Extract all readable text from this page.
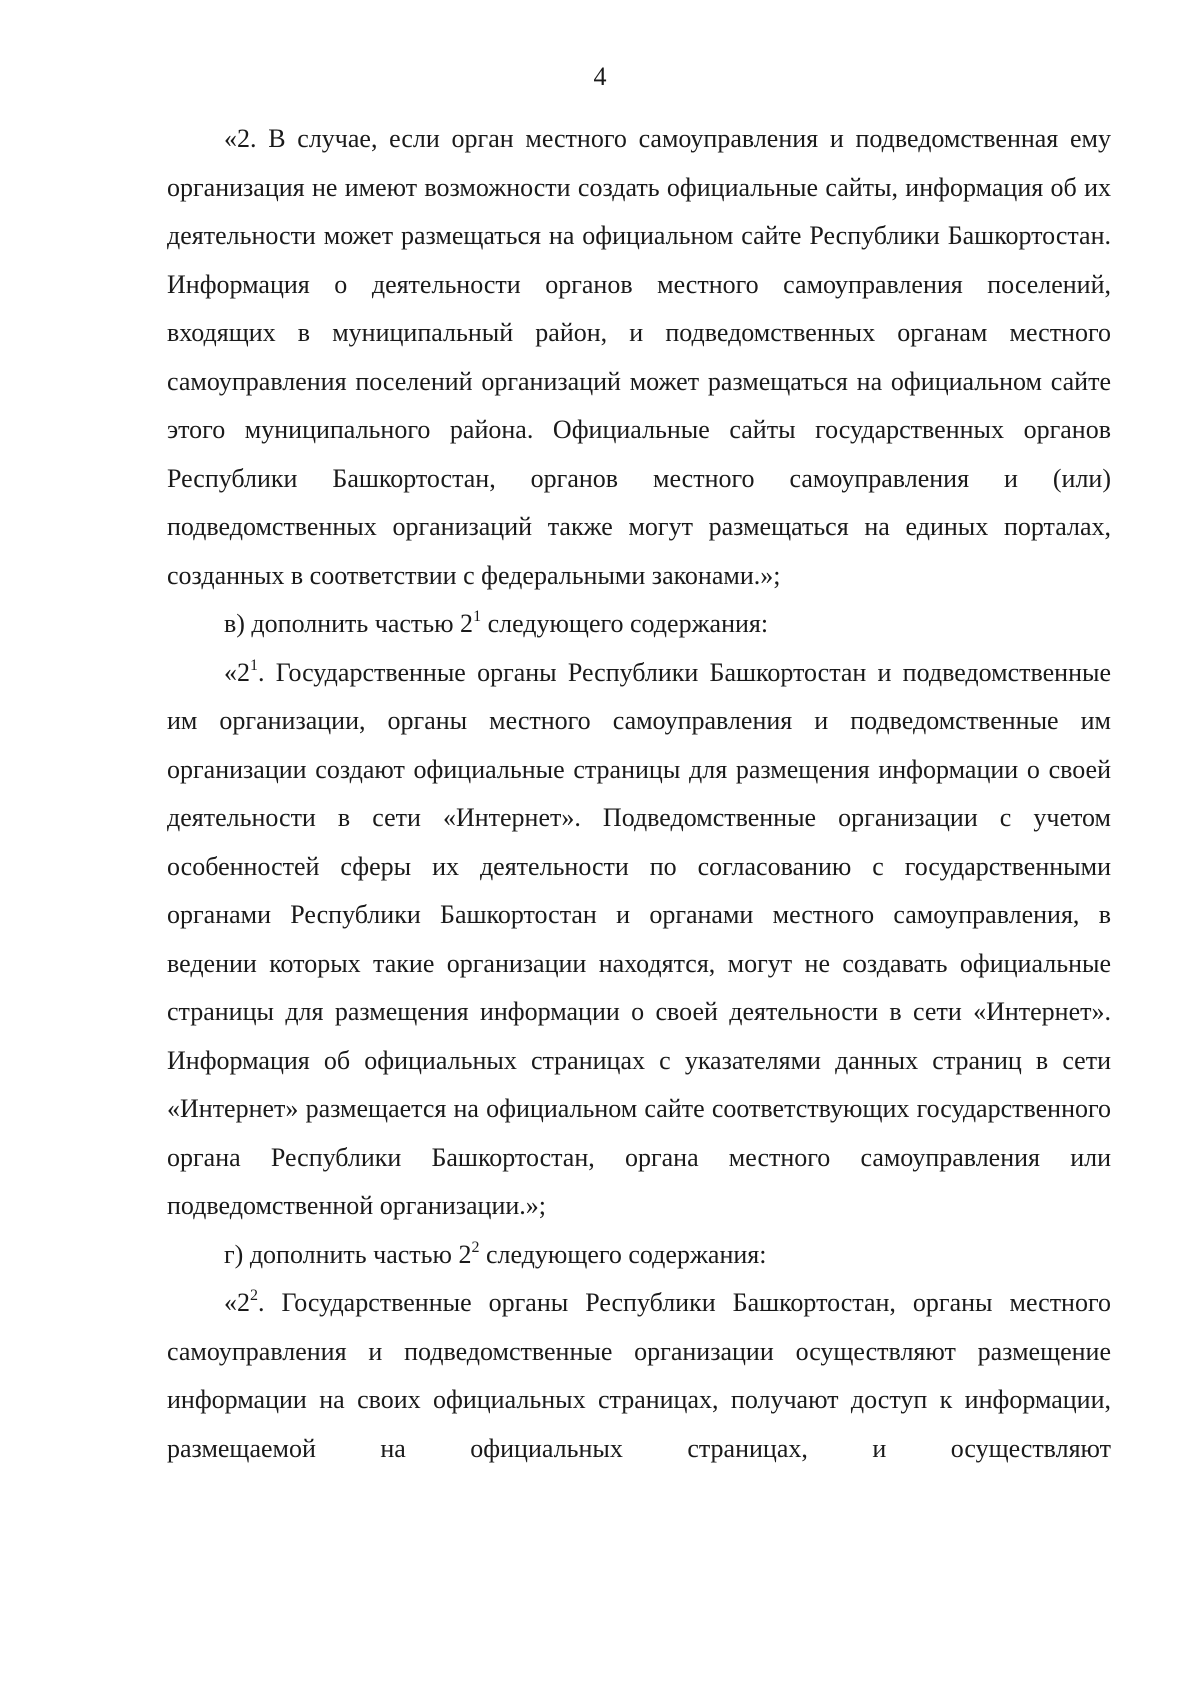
4

«2. В случае, если орган местного самоуправления и подведомственная ему организация не имеют возможности создать официальные сайты, информация об их деятельности может размещаться на официальном сайте Республики Башкортостан. Информация о деятельности органов местного самоуправления поселений, входящих в муниципальный район, и подведомственных органам местного самоуправления поселений организаций может размещаться на официальном сайте этого муниципального района. Официальные сайты государственных органов Республики Башкортостан, органов местного самоуправления и (или) подведомственных организаций также могут размещаться на единых порталах, созданных в соответствии с федеральными законами.»;

в) дополнить частью $2^1$ следующего содержания:

«$2^1$. Государственные органы Республики Башкортостан и подведомственные им организации, органы местного самоуправления и подведомственные им организации создают официальные страницы для размещения информации о своей деятельности в сети «Интернет». Подведомственные организации с учетом особенностей сферы их деятельности по согласованию с государственными органами Республики Башкортостан и органами местного самоуправления, в ведении которых такие организации находятся, могут не создавать официальные страницы для размещения информации о своей деятельности в сети «Интернет». Информация об официальных страницах с указателями данных страниц в сети «Интернет» размещается на официальном сайте соответствующих государственного органа Республики Башкортостан, органа местного самоуправления или подведомственной организации.»;

г) дополнить частью $2^2$ следующего содержания:

«$2^2$. Государственные органы Республики Башкортостан, органы местного самоуправления и подведомственные организации осуществляют размещение информации на своих официальных страницах, получают доступ к информации, размещаемой на официальных страницах, и осуществляют
